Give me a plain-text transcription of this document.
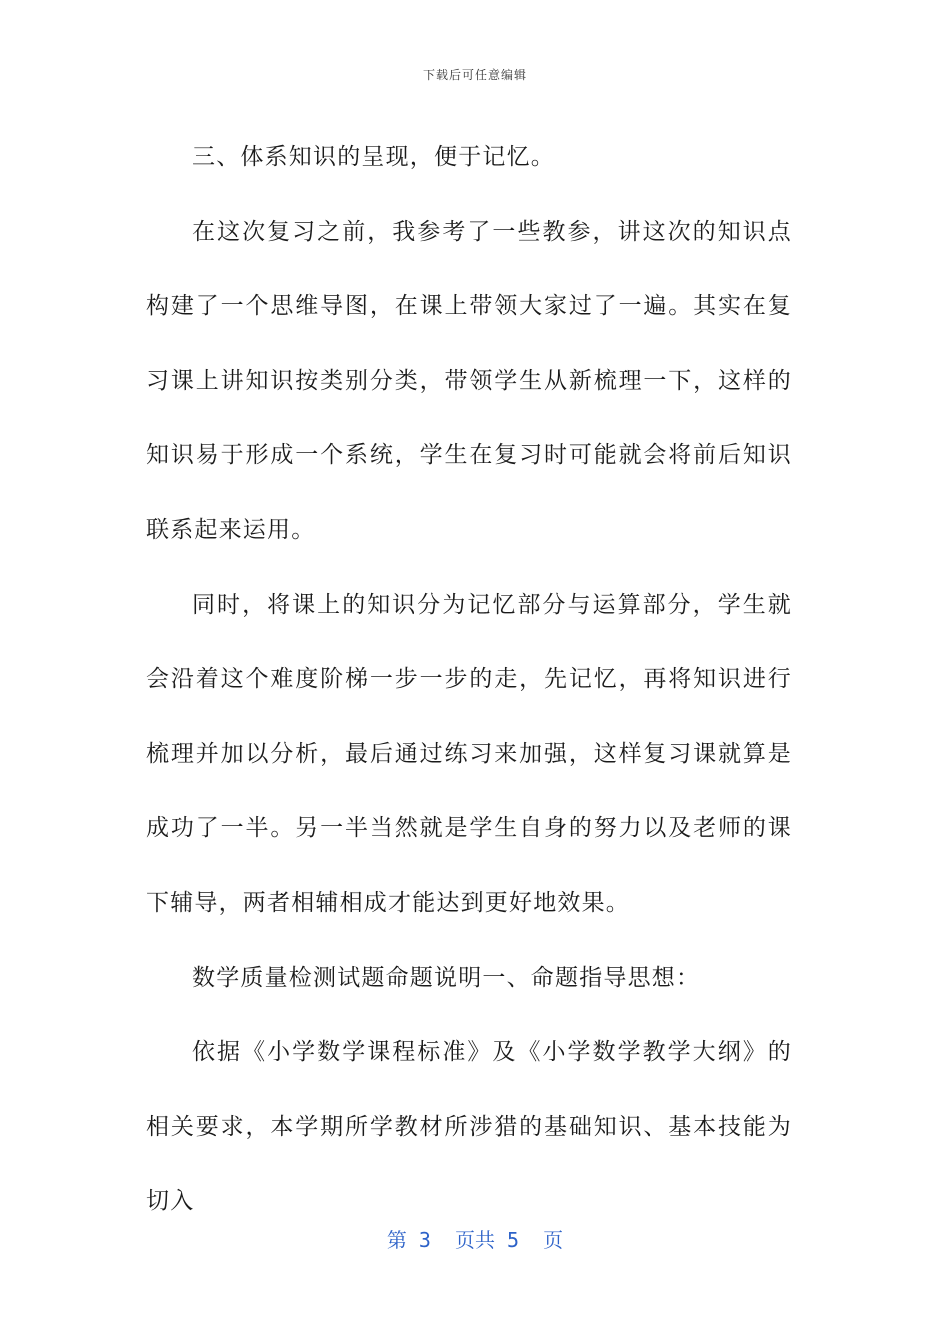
下载后可任意编辑

三、体系知识的呈现，便于记忆。

在这次复习之前，我参考了一些教参，讲这次的知识点构建了一个思维导图，在课上带领大家过了一遍。其实在复习课上讲知识按类别分类，带领学生从新梳理一下，这样的知识易于形成一个系统，学生在复习时可能就会将前后知识联系起来运用。

同时，将课上的知识分为记忆部分与运算部分，学生就会沿着这个难度阶梯一步一步的走，先记忆，再将知识进行梳理并加以分析，最后通过练习来加强，这样复习课就算是成功了一半。另一半当然就是学生自身的努力以及老师的课下辅导，两者相辅相成才能达到更好地效果。

数学质量检测试题命题说明一、命题指导思想：

依据《小学数学课程标准》及《小学数学教学大纲》的相关要求，本学期所学教材所涉猎的基础知识、基本技能为切入

第 3  页共 5  页
